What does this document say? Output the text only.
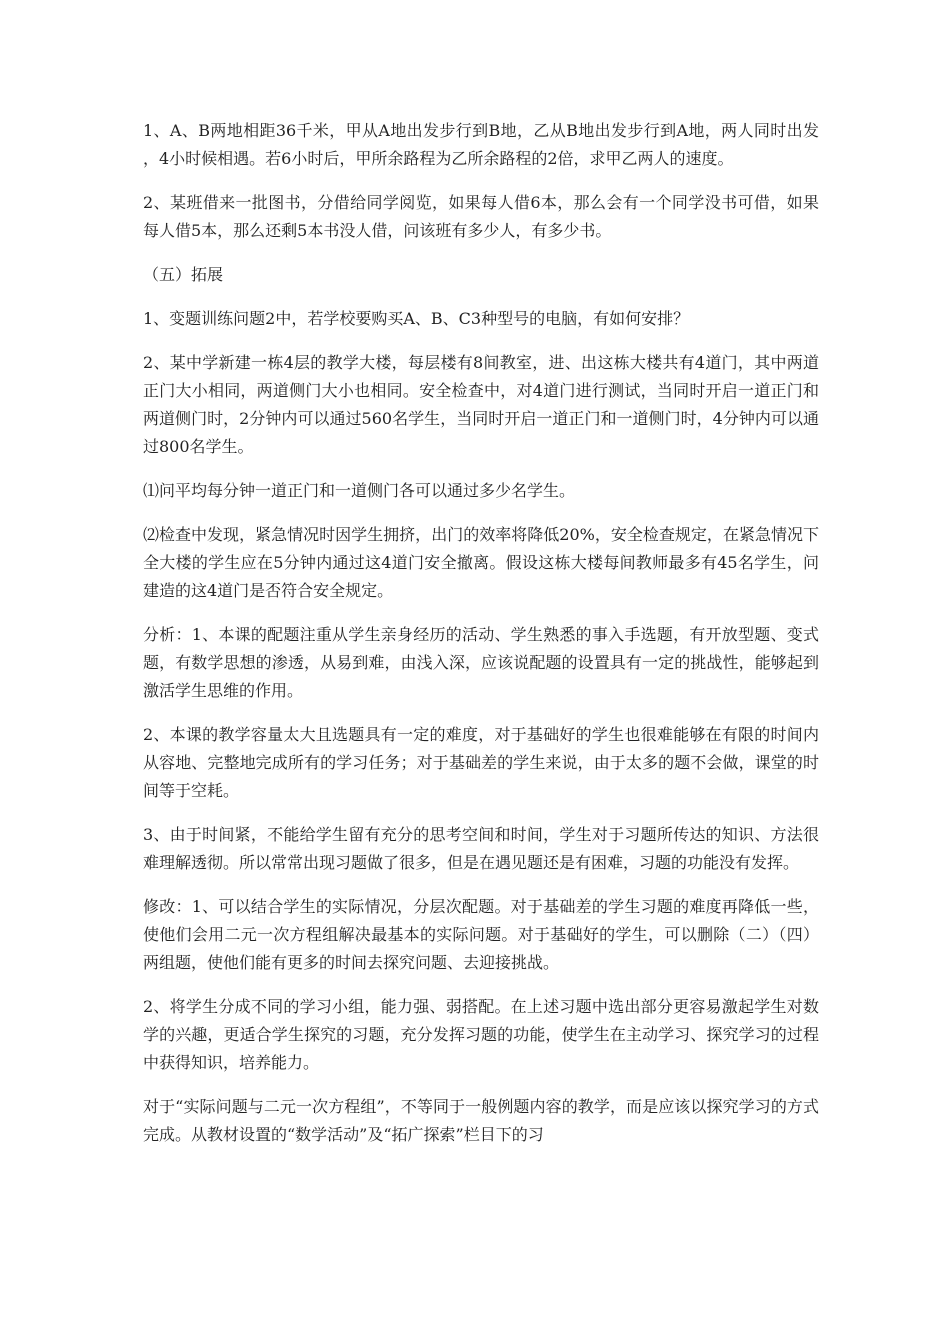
1、A、B两地相距36千米，甲从A地出发步行到B地，乙从B地出发步行到A地，两人同时出发，4小时候相遇。若6小时后，甲所余路程为乙所余路程的2倍，求甲乙两人的速度。

2、某班借来一批图书，分借给同学阅览，如果每人借6本，那么会有一个同学没书可借，如果每人借5本，那么还剩5本书没人借，问该班有多少人，有多少书。

（五）拓展

1、变题训练问题2中，若学校要购买A、B、C3种型号的电脑，有如何安排？

2、某中学新建一栋4层的教学大楼，每层楼有8间教室，进、出这栋大楼共有4道门，其中两道正门大小相同，两道侧门大小也相同。安全检查中，对4道门进行测试，当同时开启一道正门和两道侧门时，2分钟内可以通过560名学生，当同时开启一道正门和一道侧门时，4分钟内可以通过800名学生。

⑴问平均每分钟一道正门和一道侧门各可以通过多少名学生。

⑵检查中发现，紧急情况时因学生拥挤，出门的效率将降低20%，安全检查规定，在紧急情况下全大楼的学生应在5分钟内通过这4道门安全撤离。假设这栋大楼每间教师最多有45名学生，问建造的这4道门是否符合安全规定。

分析：1、本课的配题注重从学生亲身经历的活动、学生熟悉的事入手选题，有开放型题、变式题，有数学思想的渗透，从易到难，由浅入深，应该说配题的设置具有一定的挑战性，能够起到激活学生思维的作用。

2、本课的教学容量太大且选题具有一定的难度，对于基础好的学生也很难能够在有限的时间内从容地、完整地完成所有的学习任务；对于基础差的学生来说，由于太多的题不会做，课堂的时间等于空耗。

3、由于时间紧，不能给学生留有充分的思考空间和时间，学生对于习题所传达的知识、方法很难理解透彻。所以常常出现习题做了很多，但是在遇见题还是有困难，习题的功能没有发挥。

修改：1、可以结合学生的实际情况，分层次配题。对于基础差的学生习题的难度再降低一些，使他们会用二元一次方程组解决最基本的实际问题。对于基础好的学生，可以删除（二）（四）两组题，使他们能有更多的时间去探究问题、去迎接挑战。

2、将学生分成不同的学习小组，能力强、弱搭配。在上述习题中选出部分更容易激起学生对数学的兴趣，更适合学生探究的习题，充分发挥习题的功能，使学生在主动学习、探究学习的过程中获得知识，培养能力。

对于“实际问题与二元一次方程组”，不等同于一般例题内容的教学，而是应该以探究学习的方式完成。从教材设置的“数学活动”及“拓广探索”栏目下的习
